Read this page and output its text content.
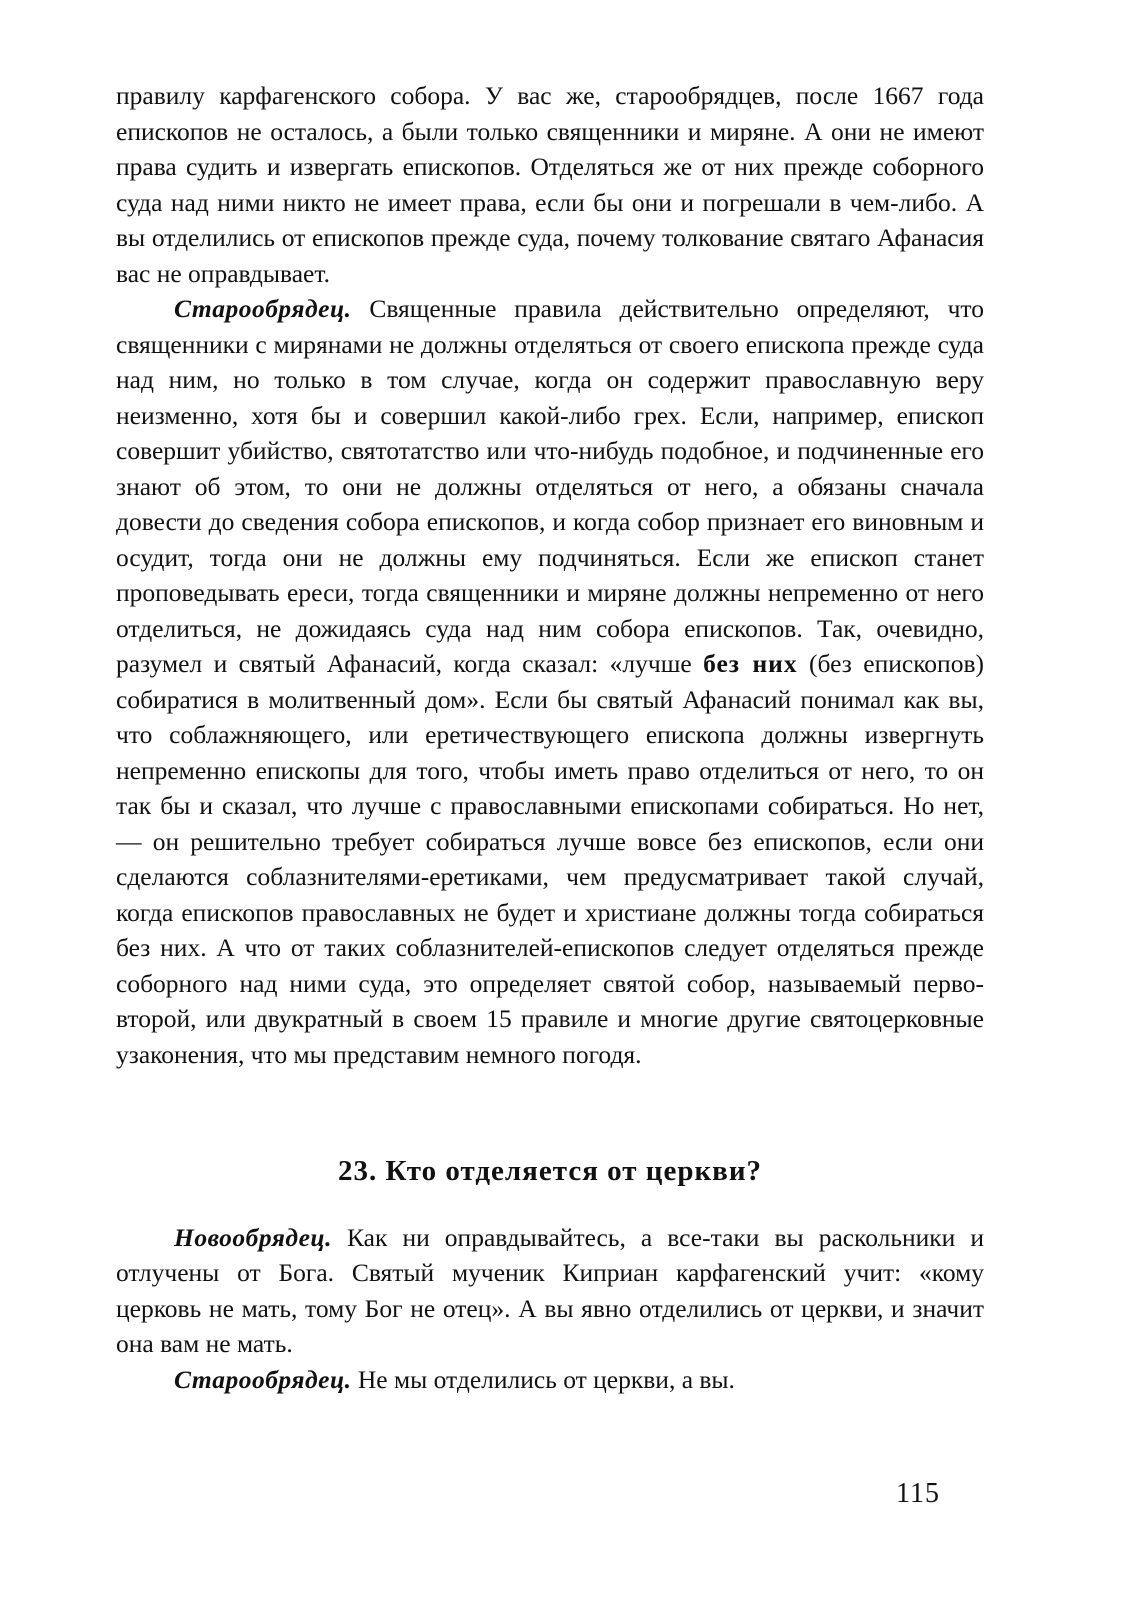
правилу карфагенского собора. У вас же, старообрядцев, после 1667 года епископов не осталось, а были только священники и миряне. А они не имеют права судить и извергать епископов. Отделяться же от них прежде соборного суда над ними никто не имеет права, если бы они и погрешали в чем-либо. А вы отделились от епископов прежде суда, почему толкование святаго Афанасия вас не оправдывает.

Старообрядец. Священные правила действительно определяют, что священники с мирянами не должны отделяться от своего епископа прежде суда над ним, но только в том случае, когда он содержит православную веру неизменно, хотя бы и совершил какой-либо грех. Если, например, епископ совершит убийство, святотатство или что-нибудь подобное, и подчиненные его знают об этом, то они не должны отделяться от него, а обязаны сначала довести до сведения собора епископов, и когда собор признает его виновным и осудит, тогда они не должны ему подчиняться. Если же епископ станет проповедывать ереси, тогда священники и миряне должны непременно от него отделиться, не дожидаясь суда над ним собора епископов. Так, очевидно, разумел и святый Афанасий, когда сказал: «лучше без них (без епископов) собиратися в молитвенный дом». Если бы святый Афанасий понимал как вы, что соблажняющего, или еретичествующего епископа должны извергнуть непременно епископы для того, чтобы иметь право отделиться от него, то он так бы и сказал, что лучше с православными епископами собираться. Но нет, — он решительно требует собираться лучше вовсе без епископов, если они сделаются соблазнителями-еретиками, чем предусматривает такой случай, когда епископов православных не будет и христиане должны тогда собираться без них. А что от таких соблазнителей-епископов следует отделяться прежде соборного над ними суда, это определяет святой собор, называемый перво-второй, или двукратный в своем 15 правиле и многие другие святоцерковные узаконения, что мы представим немного погодя.

23. Кто отделяется от церкви?

Новообрядец. Как ни оправдывайтесь, а все-таки вы раскольники и отлучены от Бога. Святый мученик Киприан карфагенский учит: «кому церковь не мать, тому Бог не отец». А вы явно отделились от церкви, и значит она вам не мать.

Старообрядец. Не мы отделились от церкви, а вы.

115
